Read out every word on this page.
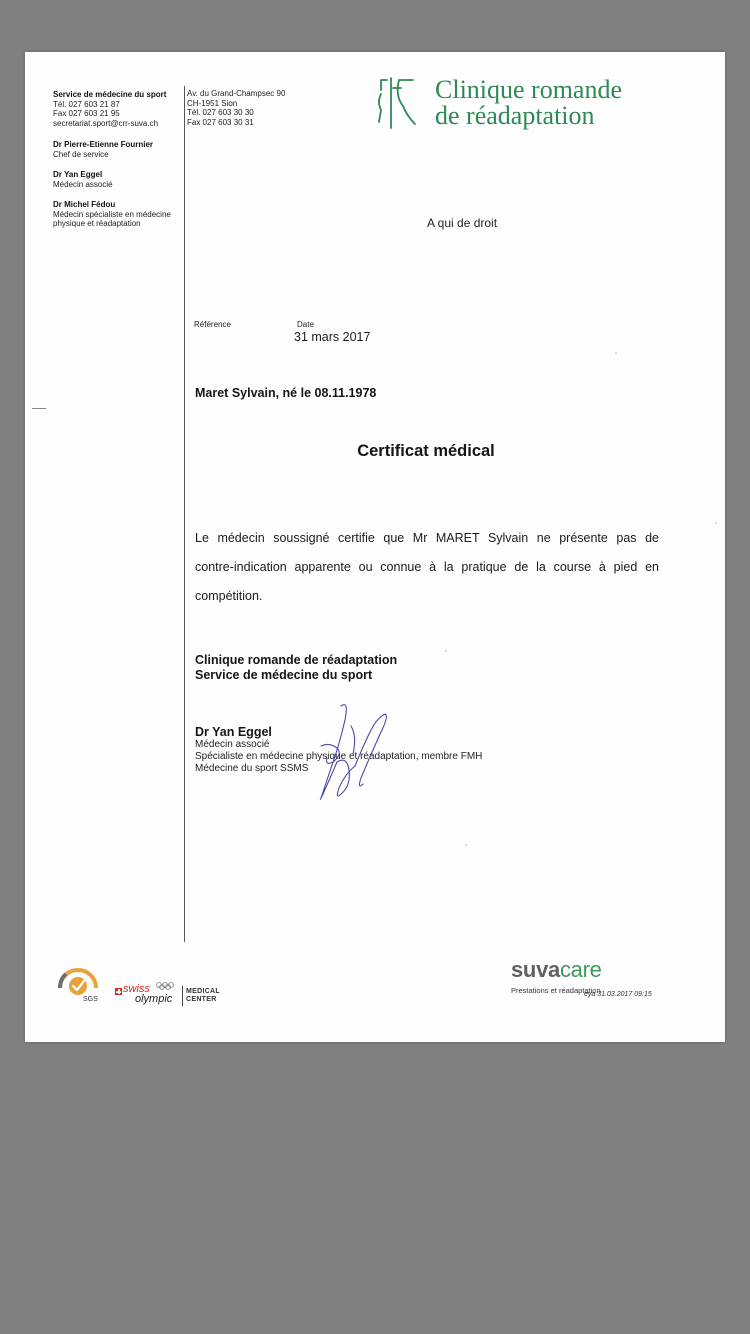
Service de médecine du sport
Tél. 027 603 21 87
Fax 027 603 21 95
secretariat.sport@crr-suva.ch
Dr Pierre-Etienne Fournier
Chef de service
Dr Yan Eggel
Médecin associé
Dr Michel Fédou
Médecin spécialiste en médecine
physique et réadaptation
Av. du Grand-Champsec 90
CH-1951 Sion
Tél. 027 603 30 30
Fax 027 603 30 31
Clinique romande
de réadaptation
A qui de droit
Référence	Date
31 mars 2017
Maret Sylvain, né le 08.11.1978
Certificat médical
Le médecin soussigné certifie que Mr MARET Sylvain ne présente pas de
contre-indication apparente ou connue à la pratique de la course à pied en
compétition.
Clinique romande de réadaptation
Service de médecine du sport
Dr Yan Eggel
Médecin associé
Spécialiste en médecine physique et réadaptation, membre FMH
Médecine du sport SSMS
SGS
swiss
olympic
MEDICAL
CENTER
suvacare
Prestations et réadaptation
eya 31.03.2017 09:15
